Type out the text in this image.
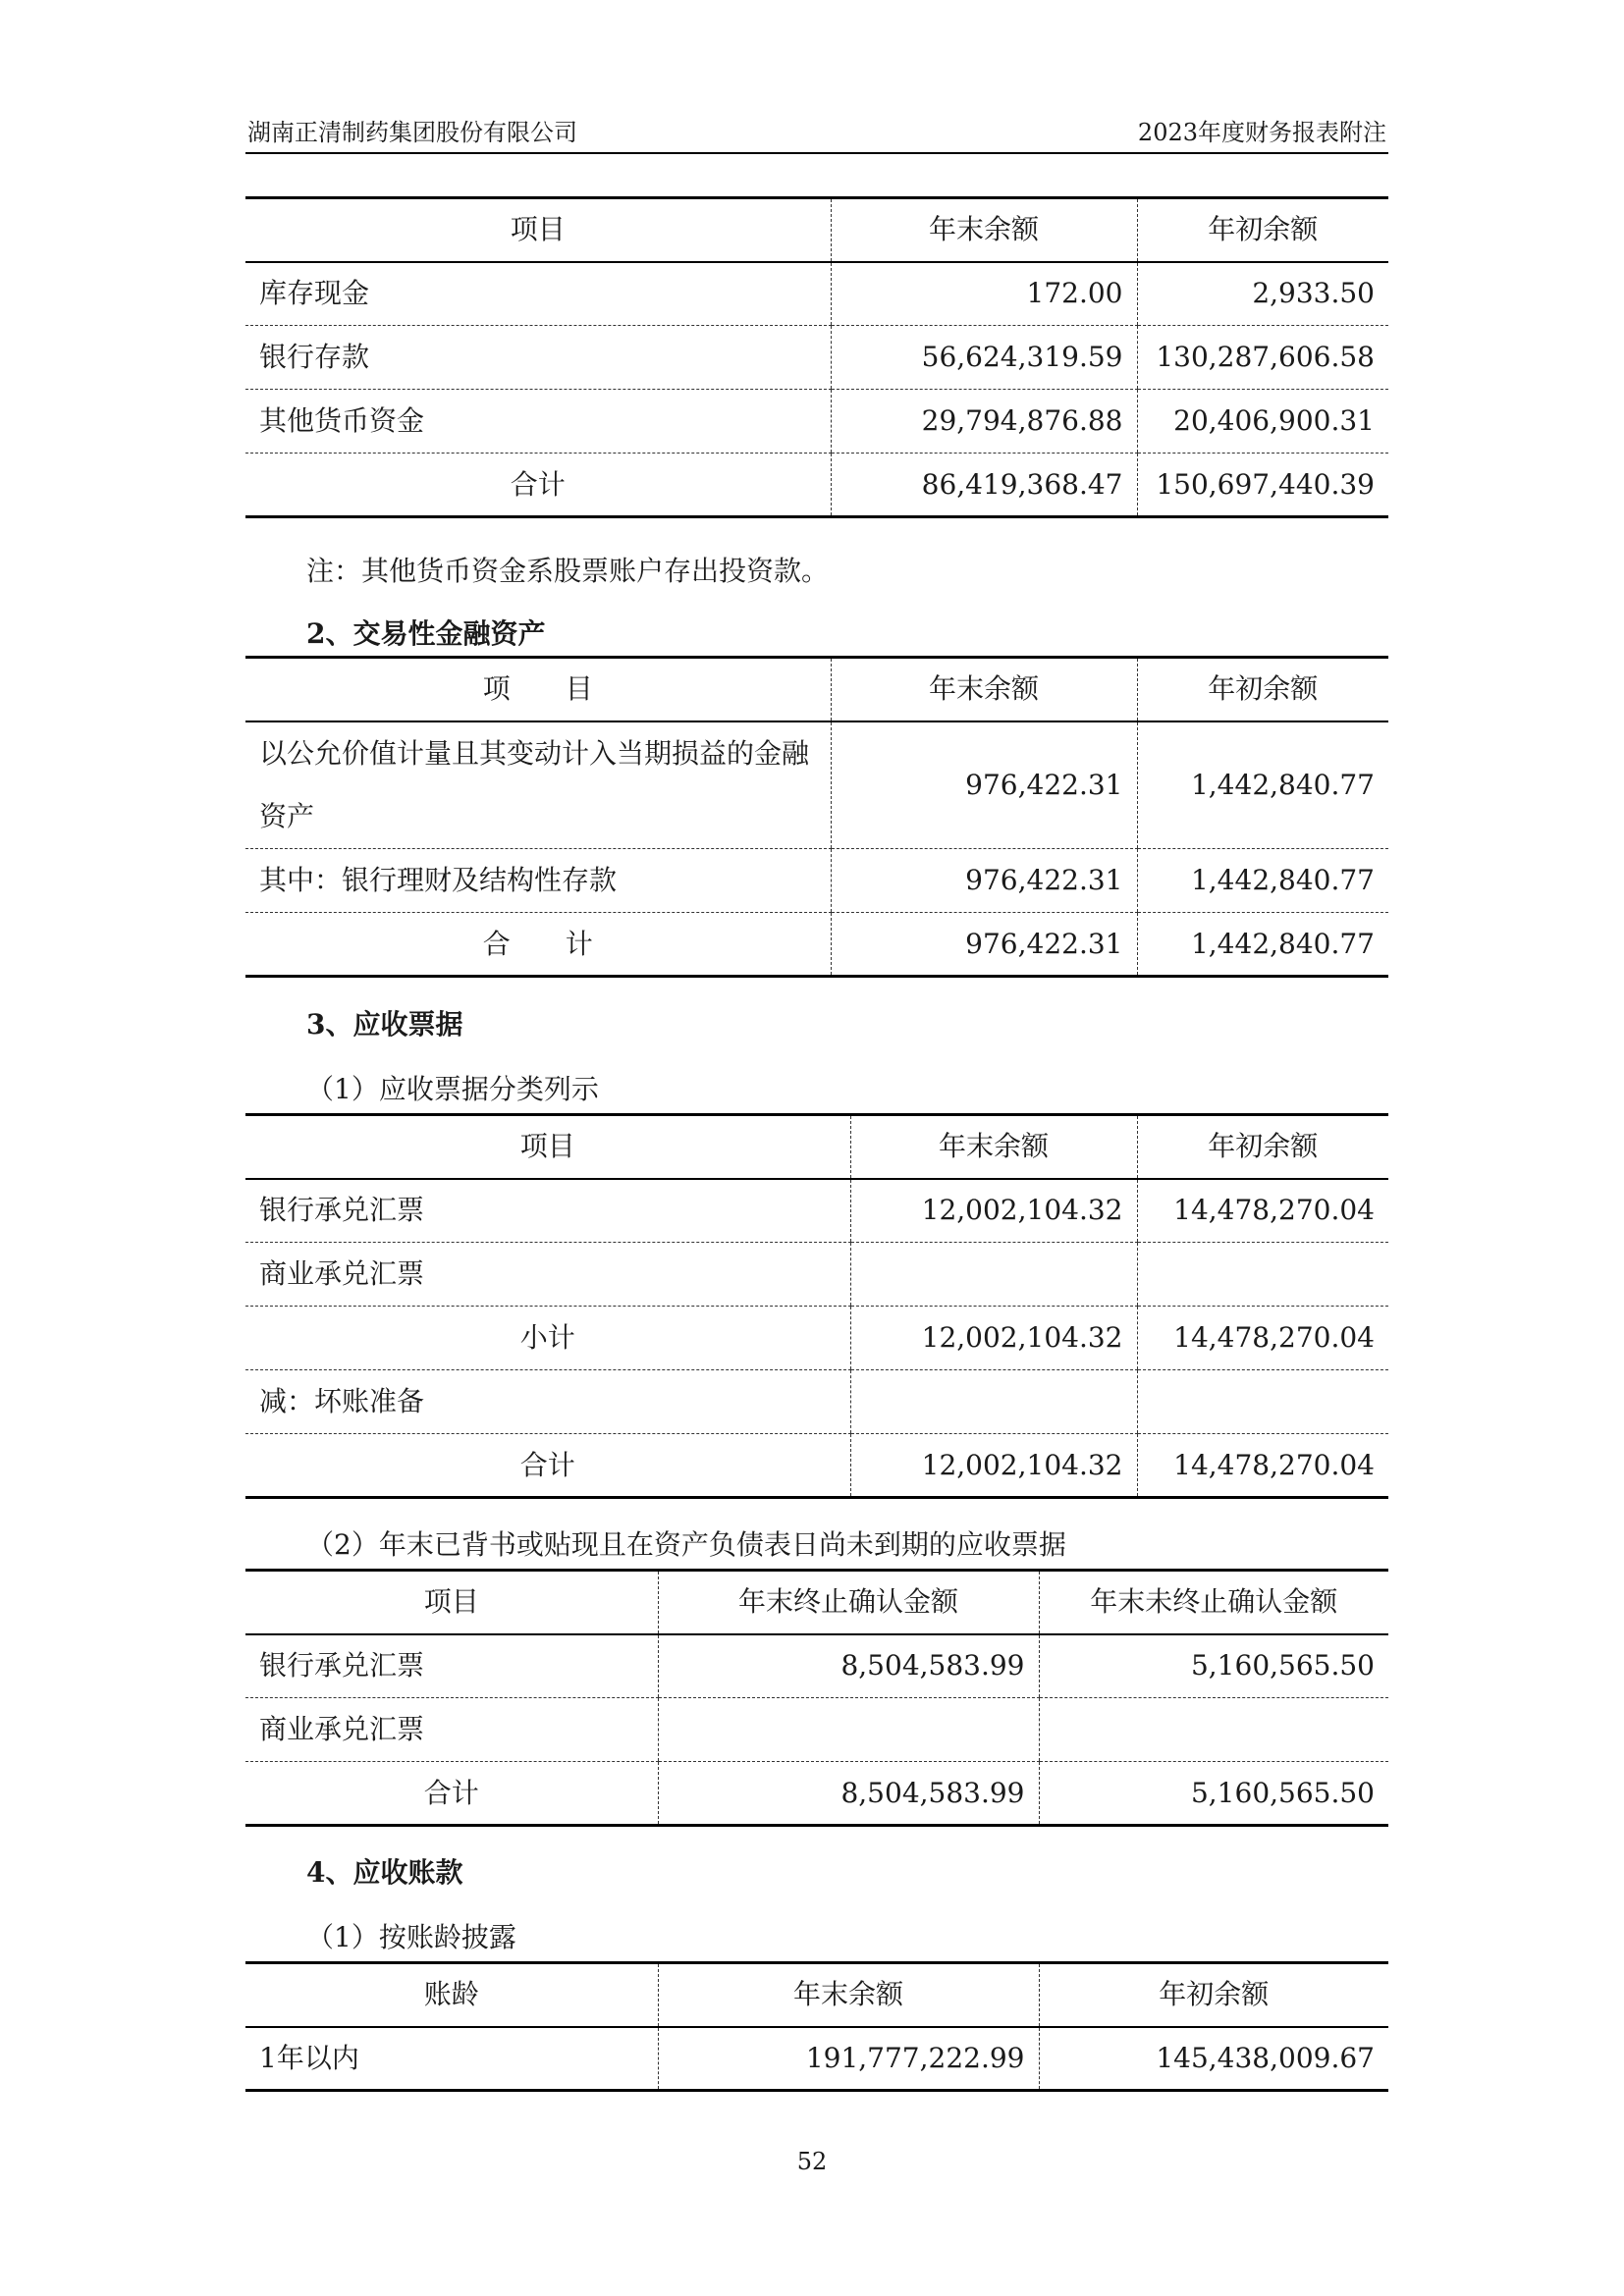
湖南正清制药集团股份有限公司	2023年度财务报表附注
项目	年末余额	年初余额
库存现金	172.00	2,933.50
银行存款	56,624,319.59	130,287,606.58
其他货币资金	29,794,876.88	20,406,900.31
合计	86,419,368.47	150,697,440.39
注：其他货币资金系股票账户存出投资款。
2、交易性金融资产
项　　目	年末余额	年初余额
以公允价值计量且其变动计入当期损益的金融资产	976,422.31	1,442,840.77
其中：银行理财及结构性存款	976,422.31	1,442,840.77
合　　计	976,422.31	1,442,840.77
3、应收票据
（1）应收票据分类列示
项目	年末余额	年初余额
银行承兑汇票	12,002,104.32	14,478,270.04
商业承兑汇票		
小计	12,002,104.32	14,478,270.04
减：坏账准备		
合计	12,002,104.32	14,478,270.04
（2）年末已背书或贴现且在资产负债表日尚未到期的应收票据
项目	年末终止确认金额	年末未终止确认金额
银行承兑汇票	8,504,583.99	5,160,565.50
商业承兑汇票		
合计	8,504,583.99	5,160,565.50
4、应收账款
（1）按账龄披露
账龄	年末余额	年初余额
1年以内	191,777,222.99	145,438,009.67
52
